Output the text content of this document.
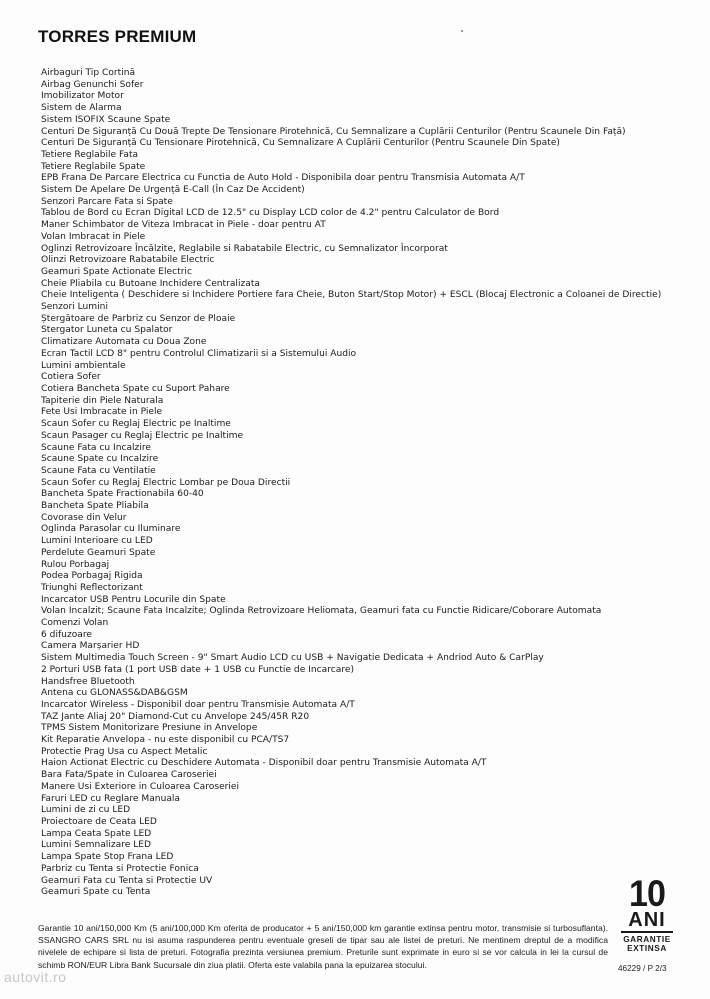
TORRES PREMIUM
Airbaguri Tip Cortină
Airbag Genunchi Sofer
Imobilizator Motor
Sistem de Alarma
Sistem ISOFIX Scaune Spate
Centuri De Siguranță Cu Două Trepte De Tensionare Pirotehnică, Cu Semnalizare a Cuplării Centurilor (Pentru Scaunele Din Față)
Centuri De Siguranță Cu Tensionare Pirotehnică, Cu Semnalizare A Cuplării Centurilor (Pentru Scaunele Din Spate)
Tetiere Reglabile Fata
Tetiere Reglabile Spate
EPB Frana De Parcare Electrica cu Functia de Auto Hold - Disponibila doar pentru Transmisia Automata A/T
Sistem De Apelare De Urgență E-Call (În Caz De Accident)
Senzori Parcare Fata si Spate
Tablou de Bord cu Ecran Digital LCD de 12.5" cu Display LCD color de 4.2" pentru Calculator de Bord
Maner Schimbator de Viteza Imbracat in Piele - doar pentru AT
Volan Imbracat in Piele
Oglinzi Retrovizoare Încălzite, Reglabile si Rabatabile Electric, cu Semnalizator Încorporat
Olinzi Retrovizoare Rabatabile Electric
Geamuri Spate Actionate Electric
Cheie Pliabila cu Butoane Inchidere Centralizata
Cheie Inteligenta ( Deschidere si Inchidere Portiere fara Cheie, Buton Start/Stop Motor) + ESCL (Blocaj Electronic a Coloanei de Directie)
Senzori Lumini
Ștergătoare de Parbriz cu Senzor de Ploaie
Stergator Luneta cu Spalator
Climatizare Automata cu Doua Zone
Ecran Tactil LCD 8" pentru Controlul Climatizarii si a Sistemului Audio
Lumini ambientale
Cotiera Sofer
Cotiera Bancheta Spate cu Suport Pahare
Tapiterie din Piele Naturala
Fete Usi Imbracate in Piele
Scaun Sofer cu Reglaj Electric pe Inaltime
Scaun Pasager cu Reglaj Electric pe Inaltime
Scaune Fata cu Incalzire
Scaune Spate cu Incalzire
Scaune Fata cu Ventilatie
Scaun Sofer cu Reglaj Electric Lombar pe Doua Directii
Bancheta Spate Fractionabila 60-40
Bancheta Spate Pliabila
Covorase din Velur
Oglinda Parasolar cu Iluminare
Lumini Interioare cu LED
Perdelute Geamuri Spate
Rulou Porbagaj
Podea Porbagaj Rigida
Triunghi Reflectorizant
Incarcator USB Pentru Locurile din Spate
Volan Incalzit; Scaune Fata Incalzite; Oglinda Retrovizoare Heliomata, Geamuri fata cu Functie Ridicare/Coborare Automata
Comenzi Volan
6 difuzoare
Camera Marșarier HD
Sistem Multimedia Touch Screen - 9" Smart Audio LCD cu USB + Navigatie Dedicata + Andriod Auto & CarPlay
2 Porturi USB fata (1 port USB date + 1 USB cu Functie de Incarcare)
Handsfree Bluetooth
Antena cu GLONASS&DAB&GSM
Incarcator Wireless - Disponibil doar pentru Transmisie Automata A/T
TAZ Jante Aliaj 20" Diamond-Cut cu Anvelope 245/45R R20
TPMS Sistem Monitorizare Presiune in Anvelope
Kit Reparatie Anvelopa - nu este disponibil cu PCA/TS7
Protectie Prag Usa cu Aspect Metalic
Haion Actionat Electric cu Deschidere Automata - Disponibil doar pentru Transmisie Automata A/T
Bara Fata/Spate in Culoarea Caroseriei
Manere Usi Exteriore in Culoarea Caroseriei
Faruri LED cu Reglare Manuala
Lumini de zi cu LED
Proiectoare de Ceata LED
Lampa Ceata Spate LED
Lumini Semnalizare LED
Lampa Spate Stop Frana LED
Parbriz cu Tenta si Protectie Fonica
Geamuri Fata cu Tenta si Protectie UV
Geamuri Spate cu Tenta

Garantie 10 ani/150,000 Km (5 ani/100,000 Km oferita de producator + 5 ani/150,000 km garantie extinsa pentru motor, transmisie si turbosuflanta). SSANGRO CARS SRL nu isi asuma raspunderea pentru eventuale greseli de tipar sau ale listei de preturi. Ne mentinem dreptul de a modifica nivelele de echipare si lista de preturi. Fotografia prezinta versiunea premium. Preturile sunt exprimate in euro si se vor calcula in lei la cursul de schimb RON/EUR Libra Bank Sucursale din ziua platii. Oferta este valabila pana la epuizarea stocului.

10
ANI
GARANTIE
EXTINSA
46229 / P 2/3
autovit.ro
